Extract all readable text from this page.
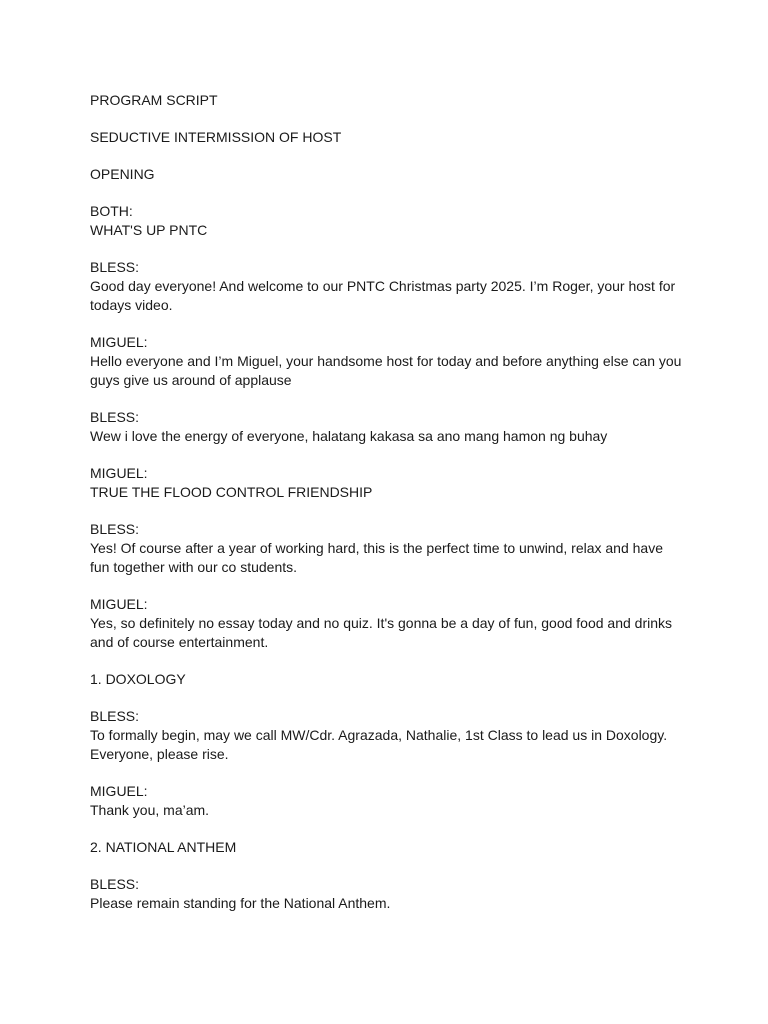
PROGRAM SCRIPT

SEDUCTIVE INTERMISSION OF HOST

OPENING

BOTH:
WHAT'S UP PNTC
BLESS:
Good day everyone! And welcome to our PNTC Christmas party 2025. I’m Roger, your host for todays video.
MIGUEL:
Hello everyone and I’m Miguel, your handsome host for today and before anything else can you guys give us around of applause
BLESS:
Wew i love the energy of everyone, halatang kakasa sa ano mang hamon ng buhay
MIGUEL:
TRUE THE FLOOD CONTROL FRIENDSHIP
BLESS:
Yes! Of course after a year of working hard, this is the perfect time to unwind, relax and have fun together with our co students.
MIGUEL:
Yes, so definitely no essay today and no quiz. It's gonna be a day of fun, good food and drinks and of course entertainment.

1. DOXOLOGY

BLESS:
To formally begin, may we call MW/Cdr. Agrazada, Nathalie, 1st Class to lead us in Doxology. Everyone, please rise.
MIGUEL:
Thank you, ma’am.

2. NATIONAL ANTHEM

BLESS:
Please remain standing for the National Anthem.
